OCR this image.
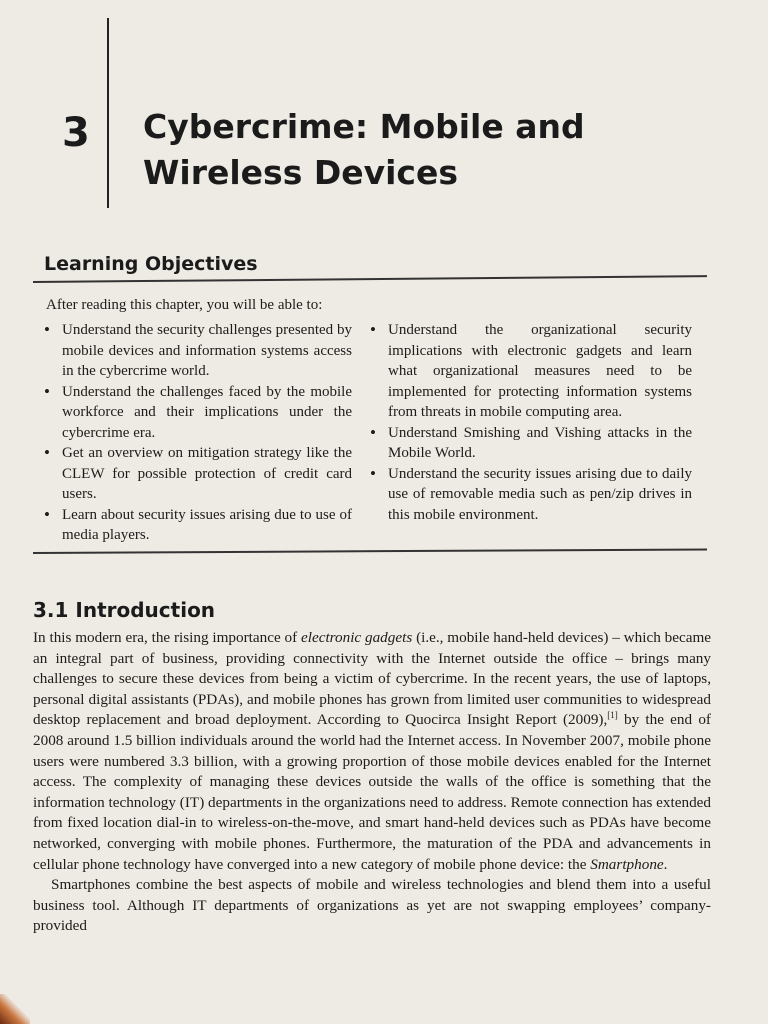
3 Cybercrime: Mobile and
Wireless Devices
Learning Objectives
After reading this chapter, you will be able to:
• Understand the security challenges presented by mobile devices and information systems access in the cybercrime world.
• Understand the challenges faced by the mobile workforce and their implications under the cybercrime era.
• Get an overview on mitigation strategy like the CLEW for possible protection of credit card users.
• Learn about security issues arising due to use of media players.
• Understand the organizational security implications with electronic gadgets and learn what organizational measures need to be implemented for protecting information systems from threats in mobile computing area.
• Understand Smishing and Vishing attacks in the Mobile World.
• Understand the security issues arising due to daily use of removable media such as pen/zip drives in this mobile environment.
3.1 Introduction

In this modern era, the rising importance of electronic gadgets (i.e., mobile hand-held devices) – which became an integral part of business, providing connectivity with the Internet outside the office – brings many challenges to secure these devices from being a victim of cybercrime. In the recent years, the use of laptops, personal digital assistants (PDAs), and mobile phones has grown from limited user communities to widespread desktop replacement and broad deployment. According to Quocirca Insight Report (2009),[1] by the end of 2008 around 1.5 billion individuals around the world had the Internet access. In November 2007, mobile phone users were numbered 3.3 billion, with a growing proportion of those mobile devices enabled for the Internet access. The complexity of managing these devices outside the walls of the office is something that the information technology (IT) departments in the organizations need to address. Remote connection has extended from fixed location dial-in to wireless-on-the-move, and smart hand-held devices such as PDAs have become networked, converging with mobile phones. Furthermore, the maturation of the PDA and advancements in cellular phone technology have converged into a new category of mobile phone device: the Smartphone.

Smartphones combine the best aspects of mobile and wireless technologies and blend them into a useful business tool. Although IT departments of organizations as yet are not swapping employees’ company-provided
